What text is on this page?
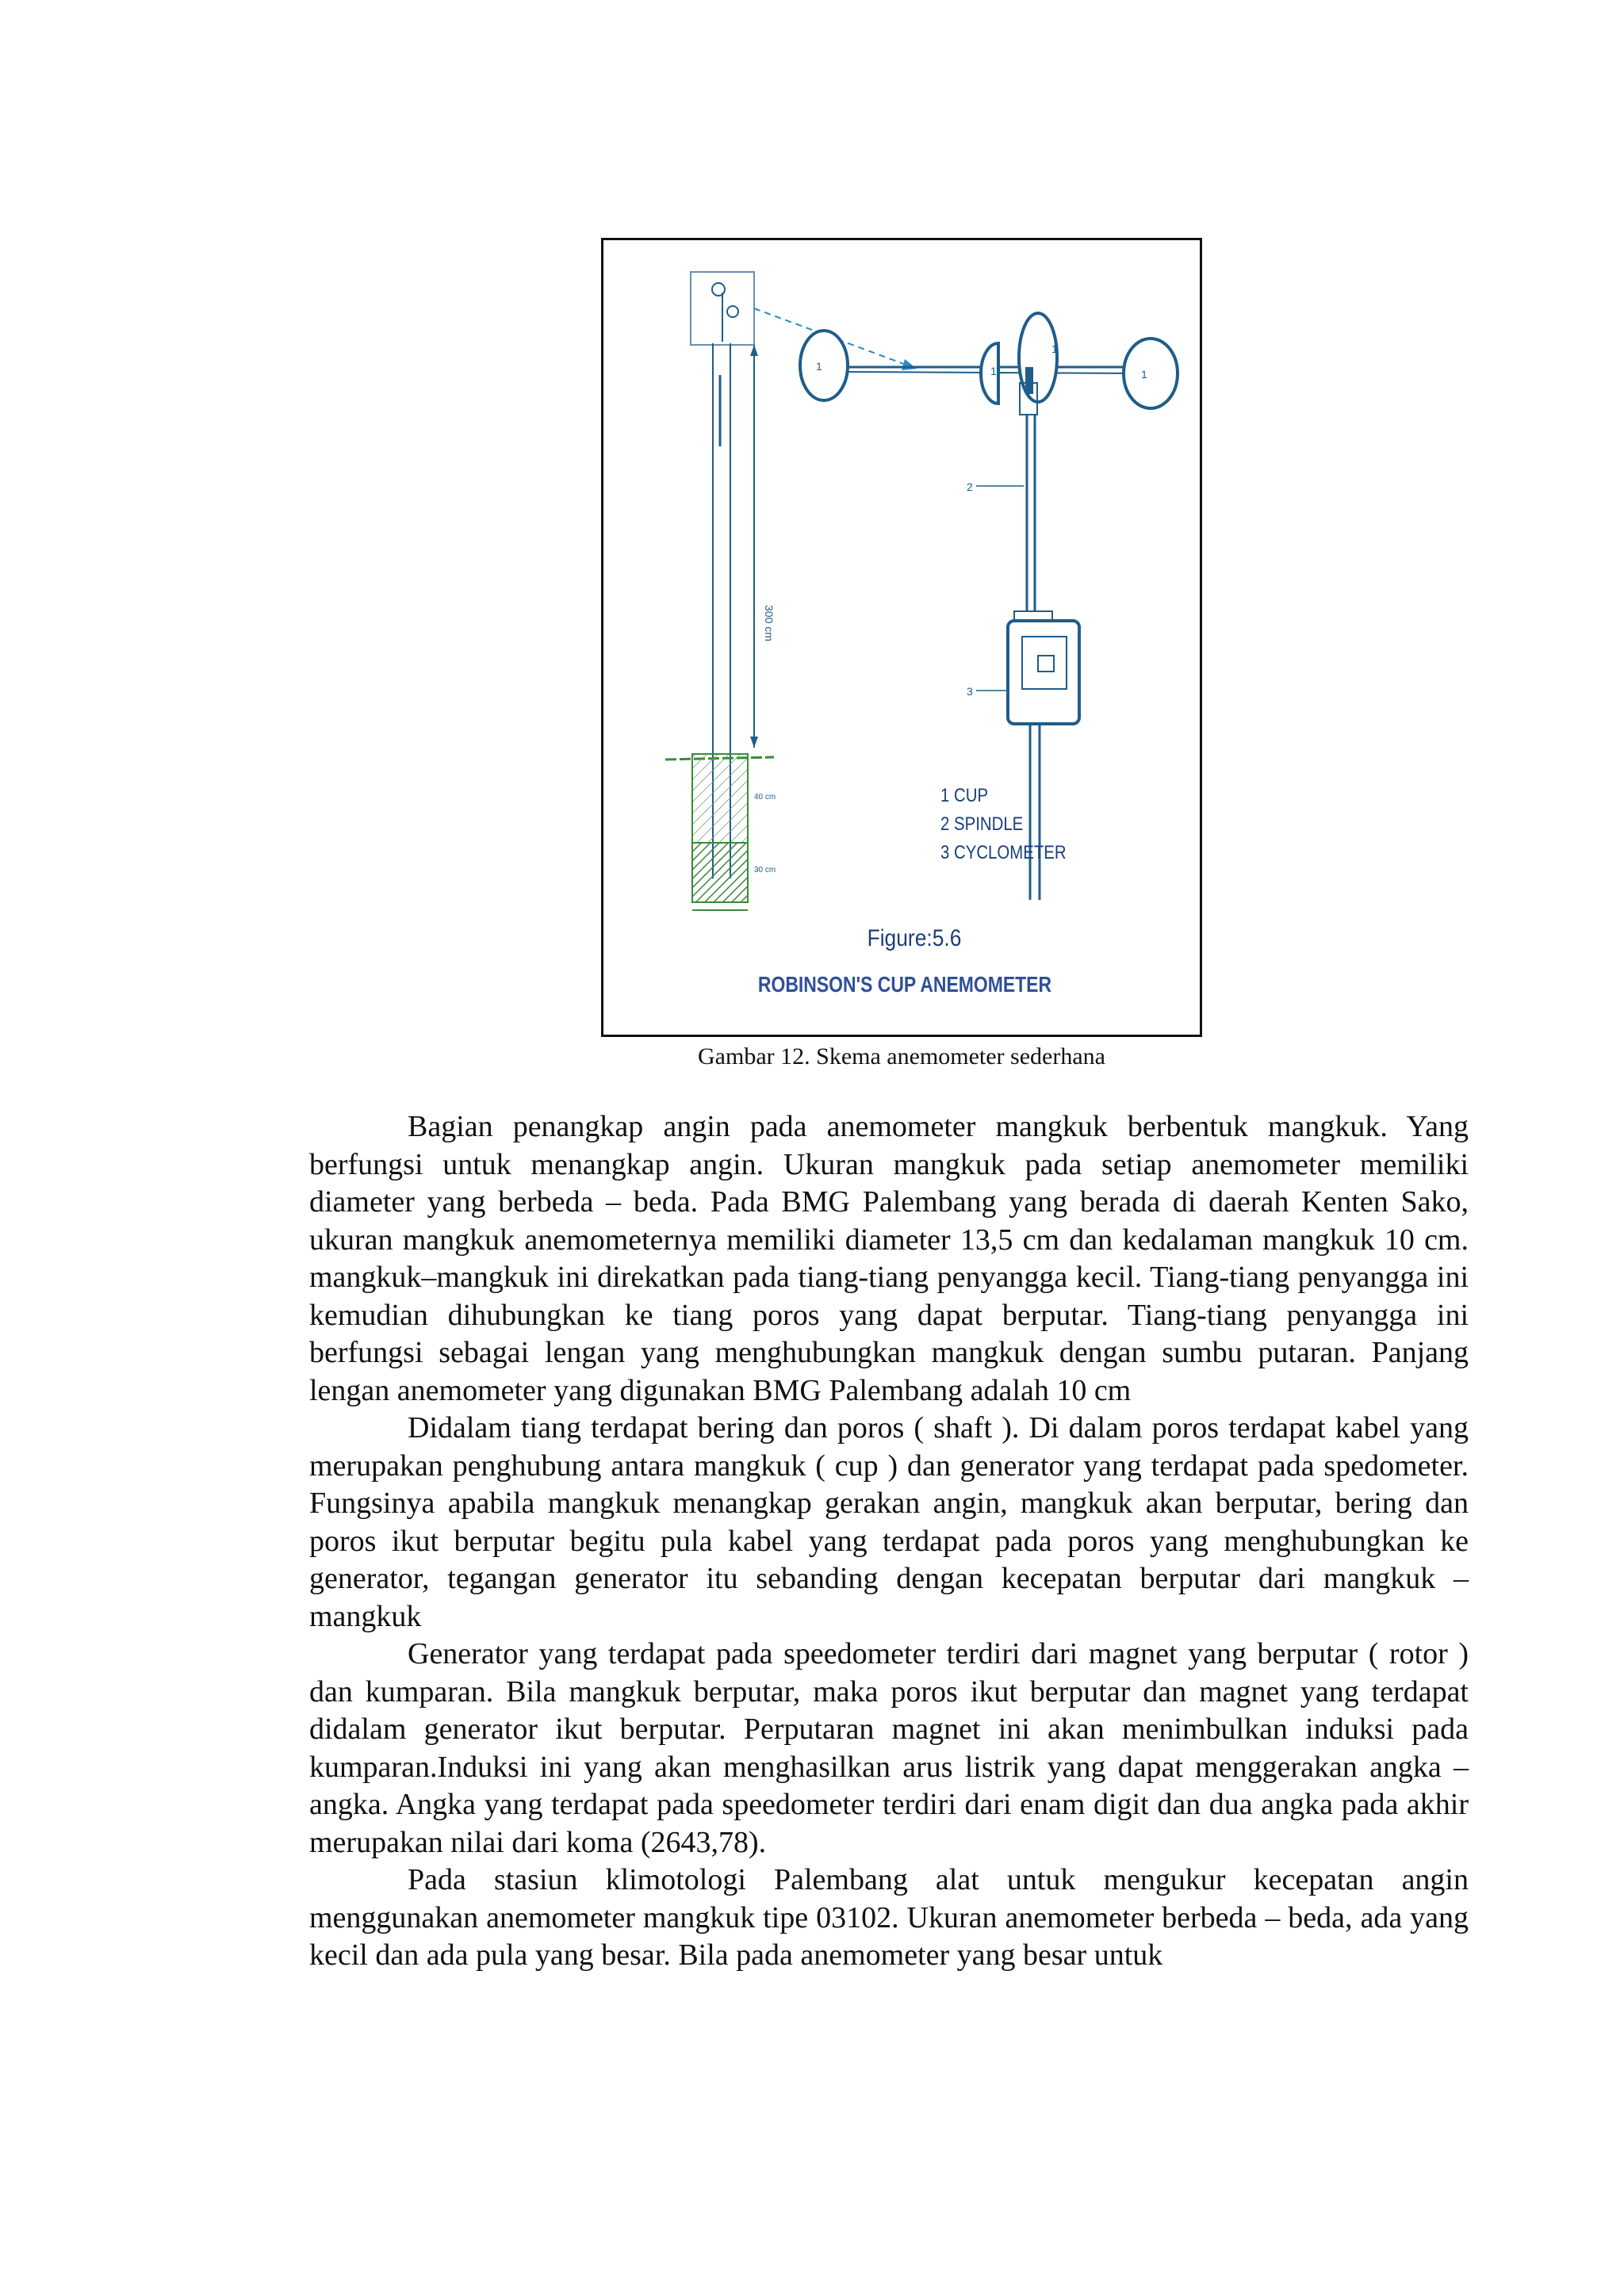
300 cm
40 cm
30 cm
1	1
1
1
2
3
1 CUP
2 SPINDLE
3 CYCLOMETER
Figure:5.6
ROBINSON'S CUP ANEMOMETER
Gambar 12. Skema anemometer sederhana

Bagian penangkap angin pada anemometer mangkuk berbentuk mangkuk. Yang berfungsi untuk menangkap angin. Ukuran mangkuk pada setiap anemometer memiliki diameter yang berbeda – beda. Pada BMG Palembang yang berada di daerah Kenten Sako, ukuran mangkuk anemometernya memiliki diameter 13,5 cm dan kedalaman mangkuk 10 cm. mangkuk–mangkuk ini direkatkan pada tiang-tiang penyangga kecil. Tiang-tiang penyangga ini kemudian dihubungkan ke tiang poros yang dapat berputar. Tiang-tiang penyangga ini berfungsi sebagai lengan yang menghubungkan mangkuk dengan sumbu putaran. Panjang lengan anemometer yang digunakan BMG Palembang adalah 10 cm

Didalam tiang terdapat bering dan poros ( shaft ). Di dalam poros terdapat kabel yang merupakan penghubung antara mangkuk ( cup ) dan generator yang terdapat pada spedometer. Fungsinya apabila mangkuk menangkap gerakan angin, mangkuk akan berputar, bering dan poros ikut berputar begitu pula kabel yang terdapat pada poros yang menghubungkan ke generator, tegangan generator itu sebanding dengan kecepatan berputar dari mangkuk – mangkuk

Generator yang terdapat pada speedometer terdiri dari magnet yang berputar ( rotor ) dan kumparan. Bila mangkuk berputar, maka poros ikut berputar dan magnet yang terdapat didalam generator ikut berputar. Perputaran magnet ini akan menimbulkan induksi pada kumparan.Induksi ini yang akan menghasilkan arus listrik yang dapat menggerakan angka – angka. Angka yang terdapat pada speedometer terdiri dari enam digit dan dua angka pada akhir merupakan nilai dari koma (2643,78).

Pada stasiun klimotologi Palembang alat untuk mengukur kecepatan angin menggunakan anemometer mangkuk tipe 03102. Ukuran anemometer berbeda – beda, ada yang kecil dan ada pula yang besar. Bila pada anemometer yang besar untuk
